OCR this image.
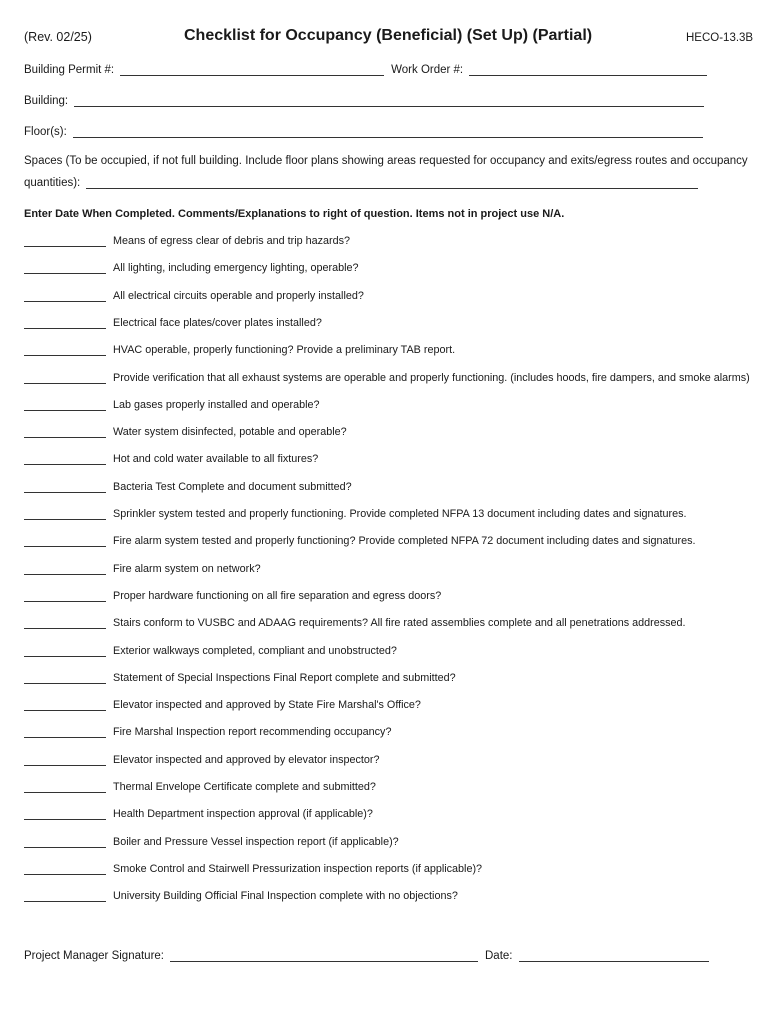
(Rev. 02/25)	Checklist for Occupancy (Beneficial) (Set Up) (Partial)	HECO-13.3B
Building Permit #:	Work Order #:
Building:
Floor(s):
Spaces (To be occupied, if not full building. Include floor plans showing areas requested for occupancy and exits/egress routes and occupancy
quantities):
Enter Date When Completed. Comments/Explanations to right of question. Items not in project use N/A.
Means of egress clear of debris and trip hazards?
All lighting, including emergency lighting, operable?
All electrical circuits operable and properly installed?
Electrical face plates/cover plates installed?
HVAC operable, properly functioning? Provide a preliminary TAB report.
Provide verification that all exhaust systems are operable and properly functioning. (includes hoods, fire dampers, and smoke alarms)
Lab gases properly installed and operable?
Water system disinfected, potable and operable?
Hot and cold water available to all fixtures?
Bacteria Test Complete and document submitted?
Sprinkler system tested and properly functioning. Provide completed NFPA 13 document including dates and signatures.
Fire alarm system tested and properly functioning? Provide completed NFPA 72 document including dates and signatures.
Fire alarm system on network?
Proper hardware functioning on all fire separation and egress doors?
Stairs conform to VUSBC and ADAAG requirements? All fire rated assemblies complete and all penetrations addressed.
Exterior walkways completed, compliant and unobstructed?
Statement of Special Inspections Final Report complete and submitted?
Elevator inspected and approved by State Fire Marshal's Office?
Fire Marshal Inspection report recommending occupancy?
Elevator inspected and approved by elevator inspector?
Thermal Envelope Certificate complete and submitted?
Health Department inspection approval (if applicable)?
Boiler and Pressure Vessel inspection report (if applicable)?
Smoke Control and Stairwell Pressurization inspection reports (if applicable)?
University Building Official Final Inspection complete with no objections?
Project Manager Signature:	Date:
